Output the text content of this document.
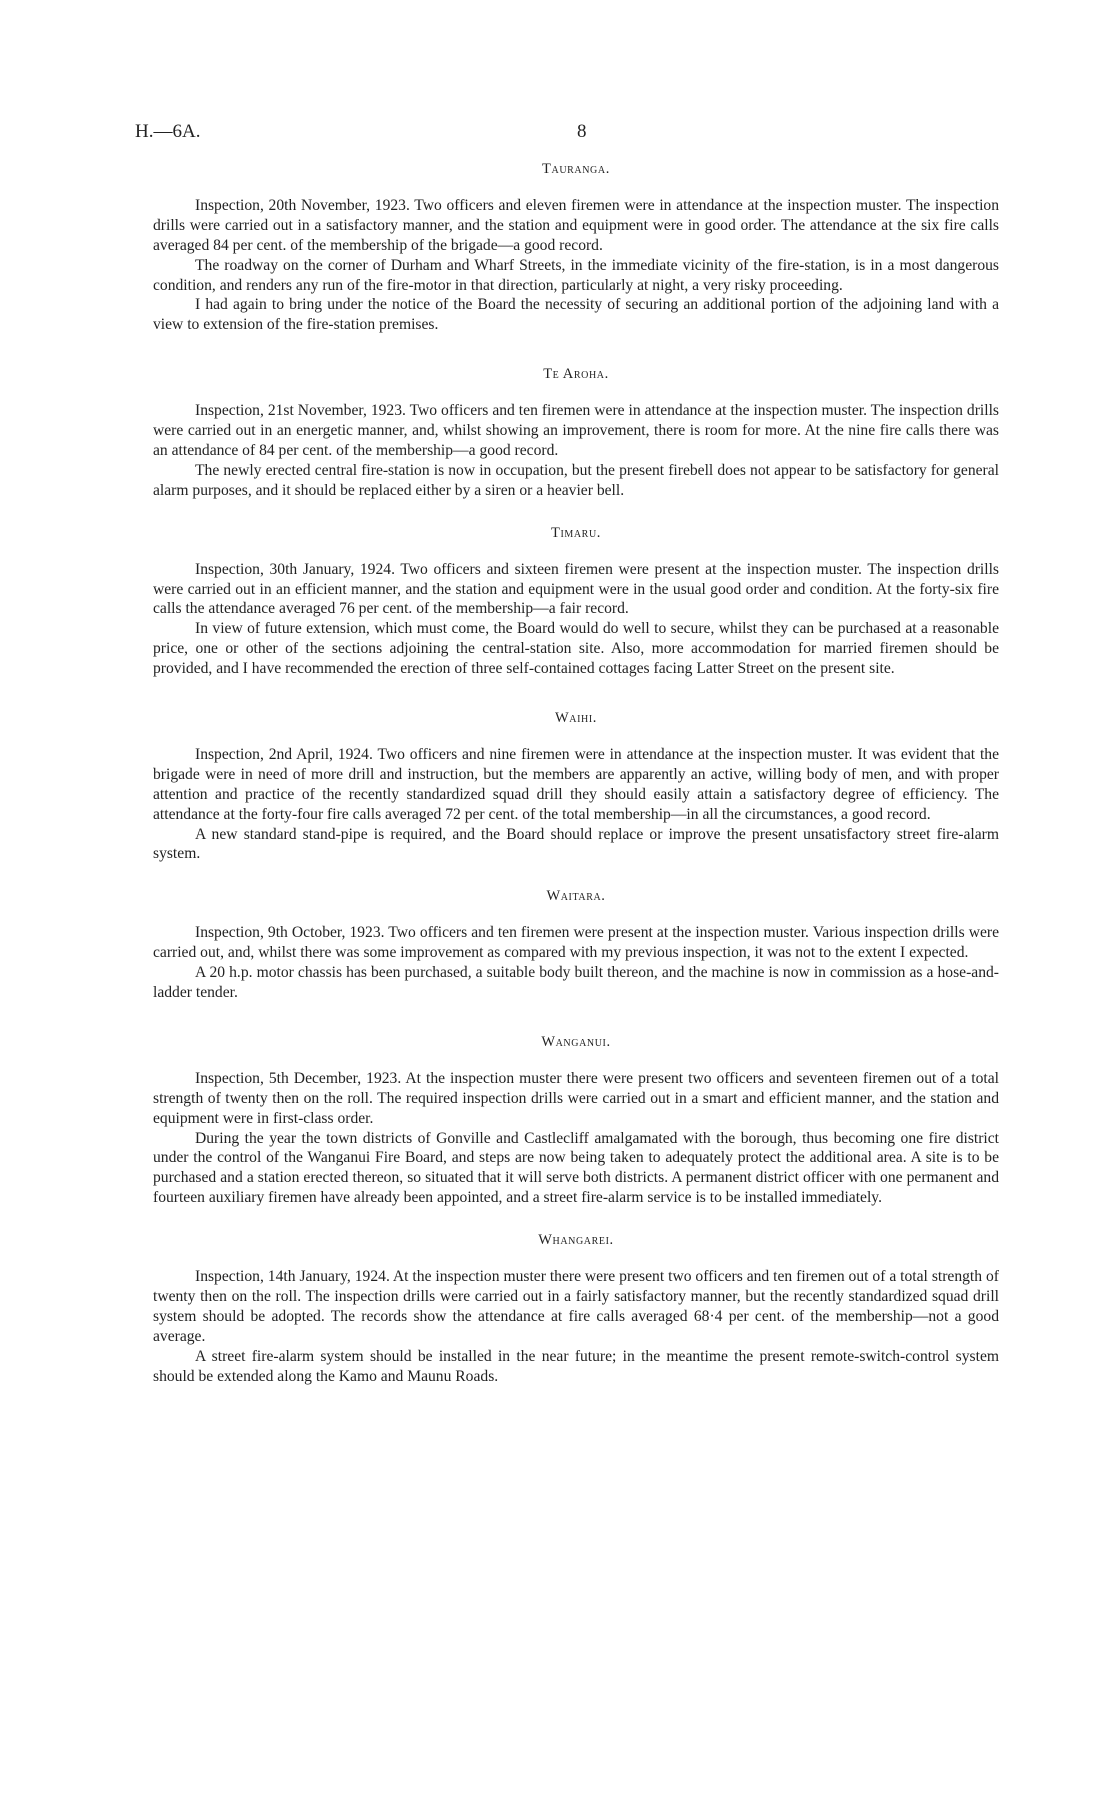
H.—6A.	8
Tauranga.

Inspection, 20th November, 1923. Two officers and eleven firemen were in attendance at the inspection muster. The inspection drills were carried out in a satisfactory manner, and the station and equipment were in good order. The attendance at the six fire calls averaged 84 per cent. of the membership of the brigade—a good record.

The roadway on the corner of Durham and Wharf Streets, in the immediate vicinity of the fire-station, is in a most dangerous condition, and renders any run of the fire-motor in that direction, particularly at night, a very risky proceeding.

I had again to bring under the notice of the Board the necessity of securing an additional portion of the adjoining land with a view to extension of the fire-station premises.

Te Aroha.

Inspection, 21st November, 1923. Two officers and ten firemen were in attendance at the inspection muster. The inspection drills were carried out in an energetic manner, and, whilst showing an improvement, there is room for more. At the nine fire calls there was an attendance of 84 per cent. of the membership—a good record.

The newly erected central fire-station is now in occupation, but the present firebell does not appear to be satisfactory for general alarm purposes, and it should be replaced either by a siren or a heavier bell.

Timaru.

Inspection, 30th January, 1924. Two officers and sixteen firemen were present at the inspection muster. The inspection drills were carried out in an efficient manner, and the station and equipment were in the usual good order and condition. At the forty-six fire calls the attendance averaged 76 per cent. of the membership—a fair record.

In view of future extension, which must come, the Board would do well to secure, whilst they can be purchased at a reasonable price, one or other of the sections adjoining the central-station site. Also, more accommodation for married firemen should be provided, and I have recommended the erection of three self-contained cottages facing Latter Street on the present site.

Waihi.

Inspection, 2nd April, 1924. Two officers and nine firemen were in attendance at the inspection muster. It was evident that the brigade were in need of more drill and instruction, but the members are apparently an active, willing body of men, and with proper attention and practice of the recently standardized squad drill they should easily attain a satisfactory degree of efficiency. The attendance at the forty-four fire calls averaged 72 per cent. of the total membership—in all the circumstances, a good record.

A new standard stand-pipe is required, and the Board should replace or improve the present unsatisfactory street fire-alarm system.

Waitara.

Inspection, 9th October, 1923. Two officers and ten firemen were present at the inspection muster. Various inspection drills were carried out, and, whilst there was some improvement as compared with my previous inspection, it was not to the extent I expected.

A 20 h.p. motor chassis has been purchased, a suitable body built thereon, and the machine is now in commission as a hose-and-ladder tender.

Wanganui.

Inspection, 5th December, 1923. At the inspection muster there were present two officers and seventeen firemen out of a total strength of twenty then on the roll. The required inspection drills were carried out in a smart and efficient manner, and the station and equipment were in first-class order.

During the year the town districts of Gonville and Castlecliff amalgamated with the borough, thus becoming one fire district under the control of the Wanganui Fire Board, and steps are now being taken to adequately protect the additional area. A site is to be purchased and a station erected thereon, so situated that it will serve both districts. A permanent district officer with one permanent and fourteen auxiliary firemen have already been appointed, and a street fire-alarm service is to be installed immediately.

Whangarei.

Inspection, 14th January, 1924. At the inspection muster there were present two officers and ten firemen out of a total strength of twenty then on the roll. The inspection drills were carried out in a fairly satisfactory manner, but the recently standardized squad drill system should be adopted. The records show the attendance at fire calls averaged 68·4 per cent. of the membership—not a good average.

A street fire-alarm system should be installed in the near future; in the meantime the present remote-switch-control system should be extended along the Kamo and Maunu Roads.
